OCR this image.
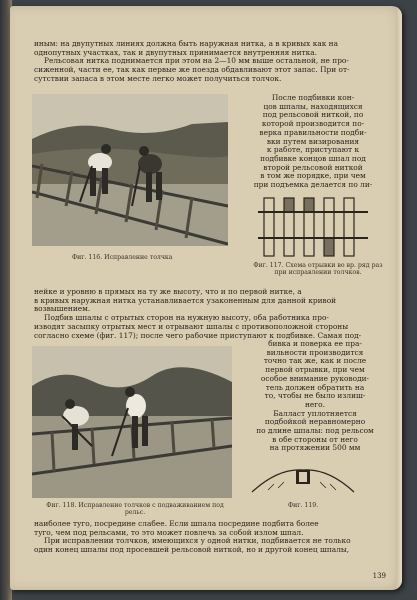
иным: на двупутных линиях должна быть наружная нитка, а в кривых как на
однопутных участках, так и двупутных принимается внутренняя нитка.
Рельсовая нитка поднимается при этом на 2—10 мм выше остальной, не про-
сиженной, части ее, так как первые же поезда обдавливают этот запас. При от-
сутствии запаса в этом месте легко может получиться толчок.
После подбивки кон-
цов шпалы, находящихся
под рельсовой ниткой, по
которой производится по-
верка правильности подби-
вки путем визирования
к работе, приступают к
подбивке концов шпал под
второй рельсовой ниткой
в том же порядке, при чем
при подъемка делается по ли-

Фиг. 116. Исправление толчка

Фиг. 117. Схема отрывки во вр. ряд раз при исправлении толчков.

нейке и уровню в прямых на ту же высоту, что и по первой нитке, а
в кривых наружная нитка устанавливается узаконенным для данной кривой
возвышением.
Подбив шпалы с отрытых сторон на нужную высоту, оба работника про-
изводят засыпку отрытых мест и отрывают шпалы с противоположной стороны
согласно схеме (фиг. 117); после чего рабочие приступают к подбивке. Самая под-
бивка и поверка ее пра-
вильности производится
точно так же, как и после
первой отрывки, при чем
особое внимание руководи-
тель должен обратить на
то, чтобы не было излиш-
него.
Балласт уплотняется
подбойкой неравномерно
по длине шпалы: под рельсом
в обе стороны от него
на протяжении 500 мм

Фиг. 118. Исправление толчков с подваживанием под рельс.

Фиг. 119.

наиболее туго, посредине слабее. Если шпала посредине подбита более
туго, чем под рельсами, то это может повлечь за собой излом шпал.
При исправлении толчков, имеющихся у одной нитки, подбивается не только
один конец шпалы под просевшей рельсовой ниткой, но и другой конец шпалы,
139
